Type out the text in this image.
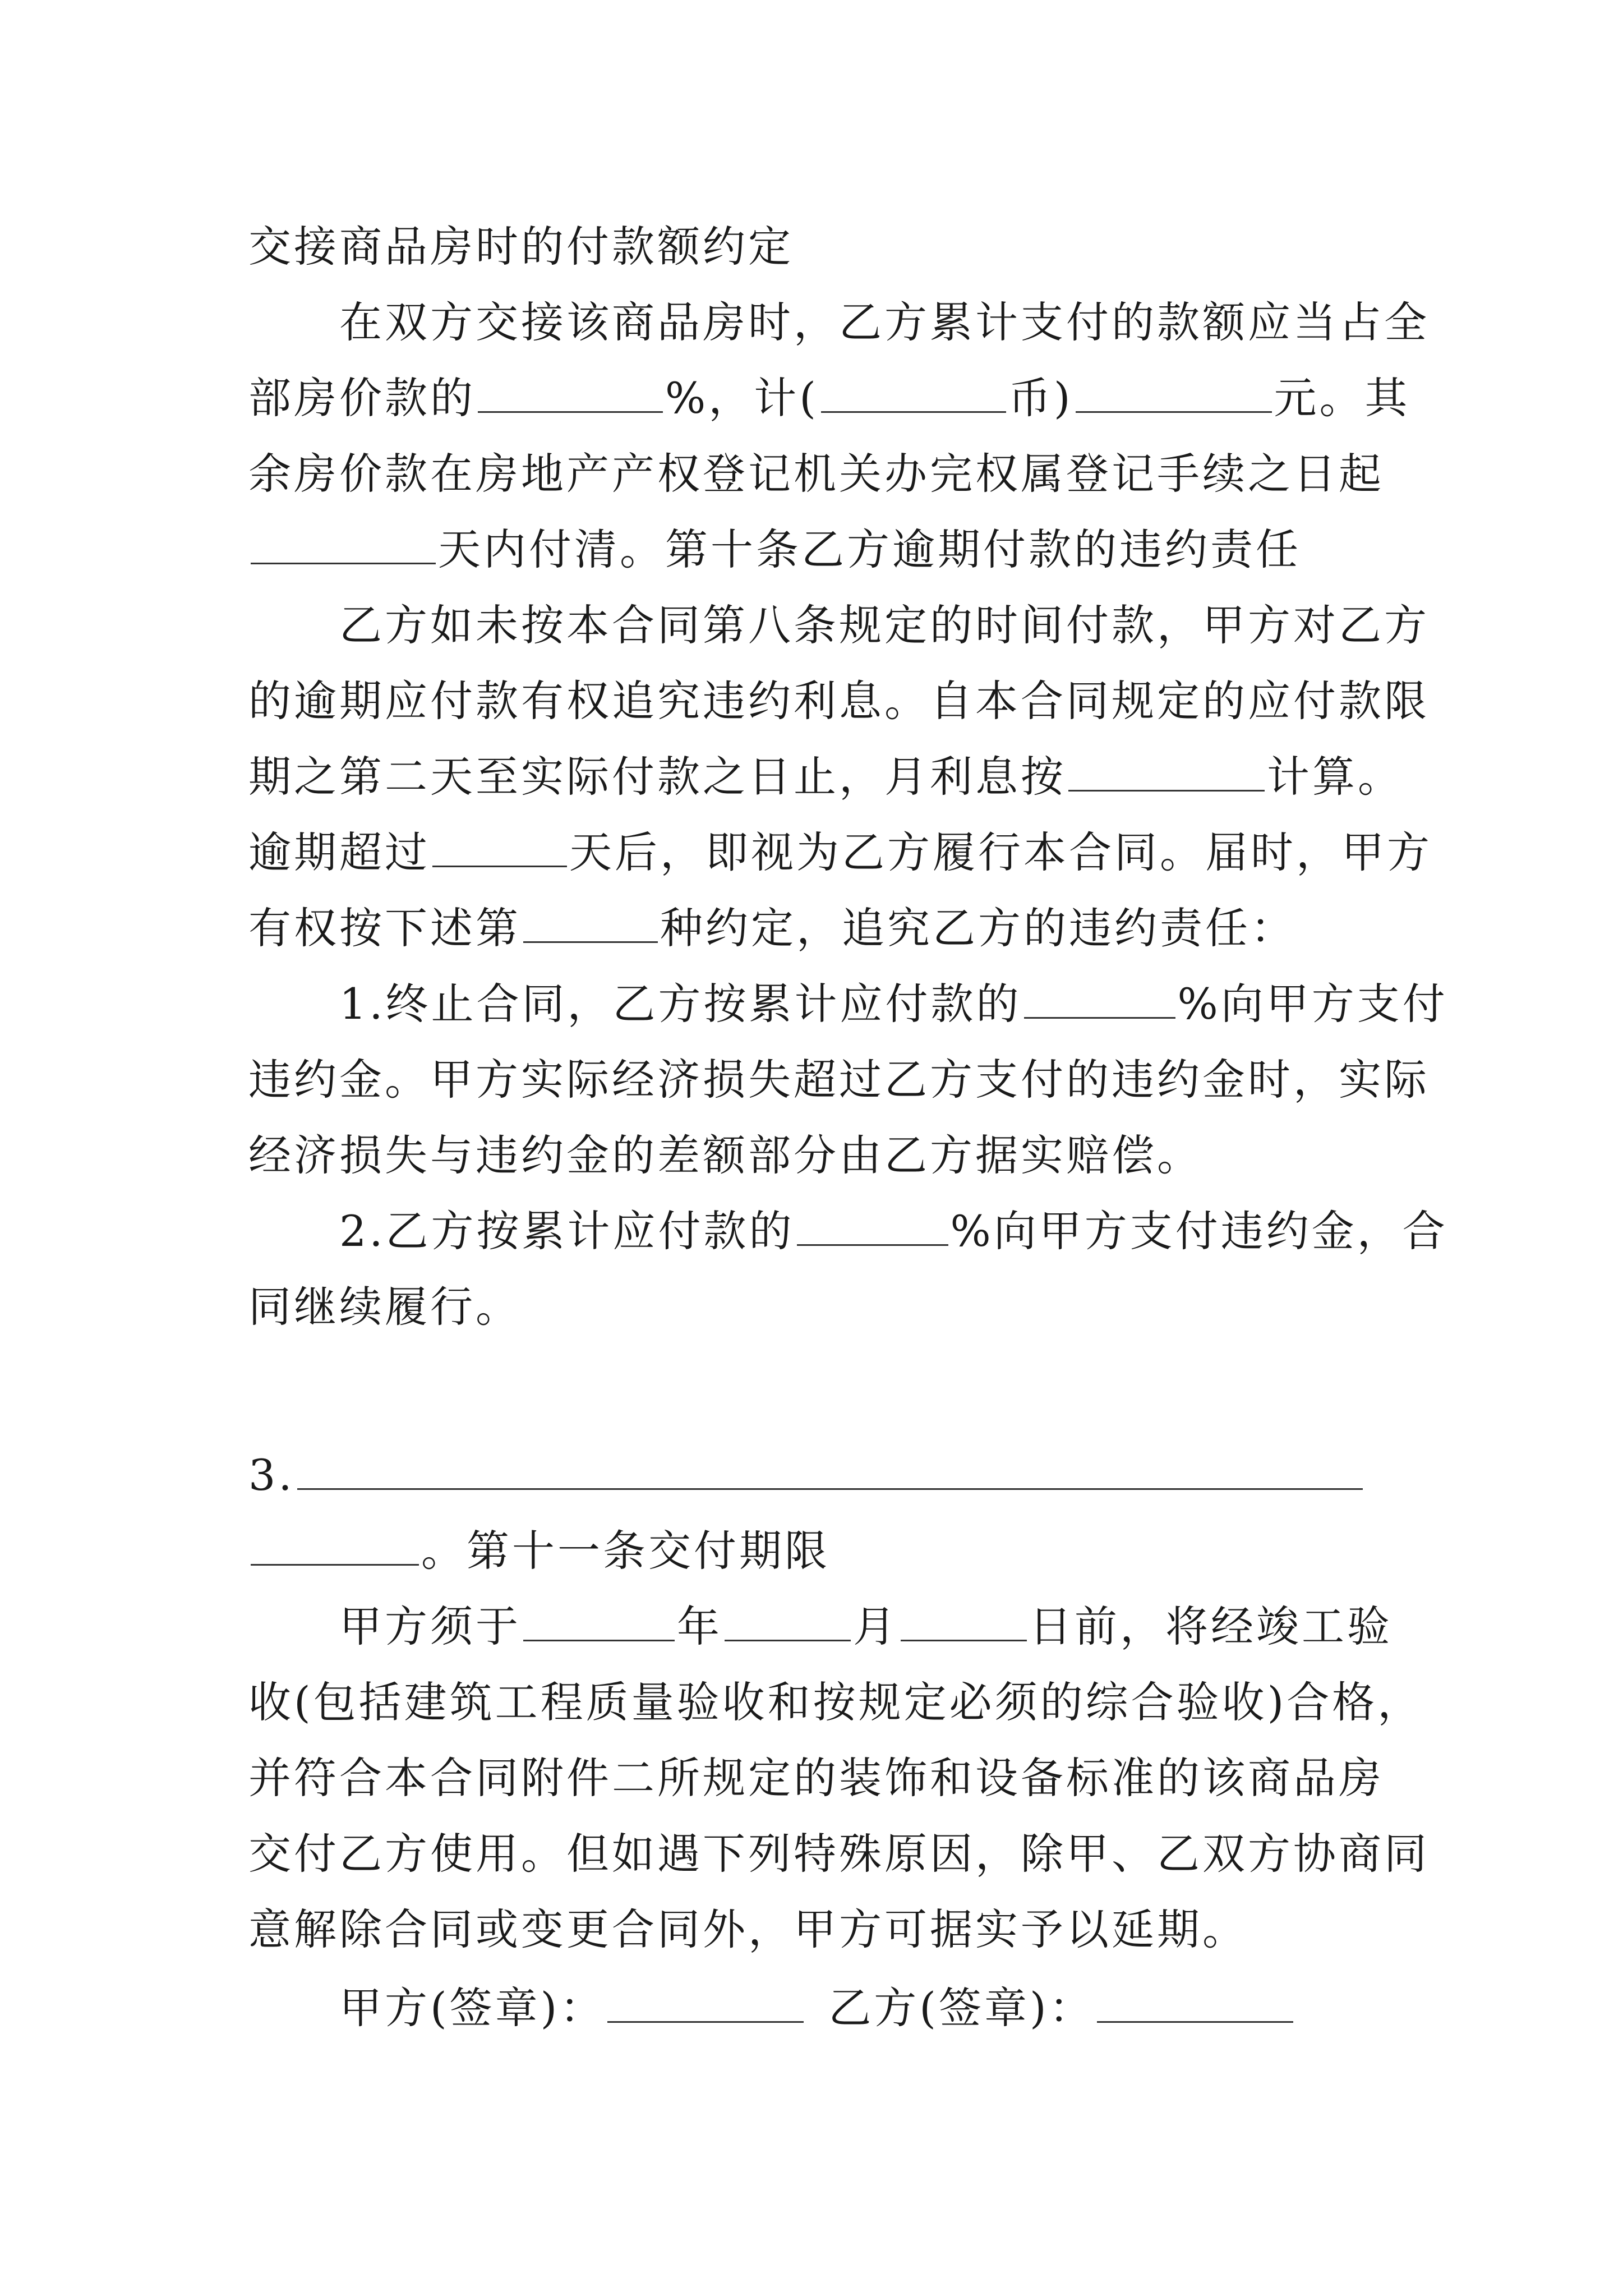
交接商品房时的付款额约定
在双方交接该商品房时，乙方累计支付的款额应当占全
部房价款的	%，计(	币)	元。其
余房价款在房地产产权登记机关办完权属登记手续之日起
天内付清。第十条乙方逾期付款的违约责任
乙方如未按本合同第八条规定的时间付款，甲方对乙方
的逾期应付款有权追究违约利息。自本合同规定的应付款限
期之第二天至实际付款之日止，月利息按	计算。
逾期超过	天后，即视为乙方履行本合同。届时，甲方
有权按下述第	种约定，追究乙方的违约责任：
1.终止合同，乙方按累计应付款的	%向甲方支付
违约金。甲方实际经济损失超过乙方支付的违约金时，实际
经济损失与违约金的差额部分由乙方据实赔偿。
2.乙方按累计应付款的	%向甲方支付违约金，合
同继续履行。
3.
。第十一条交付期限
甲方须于	年	月	日前，将经竣工验
收(包括建筑工程质量验收和按规定必须的综合验收)合格，
并符合本合同附件二所规定的装饰和设备标准的该商品房
交付乙方使用。但如遇下列特殊原因，除甲、乙双方协商同
意解除合同或变更合同外，甲方可据实予以延期。
甲方(签章)：	乙方(签章)：
